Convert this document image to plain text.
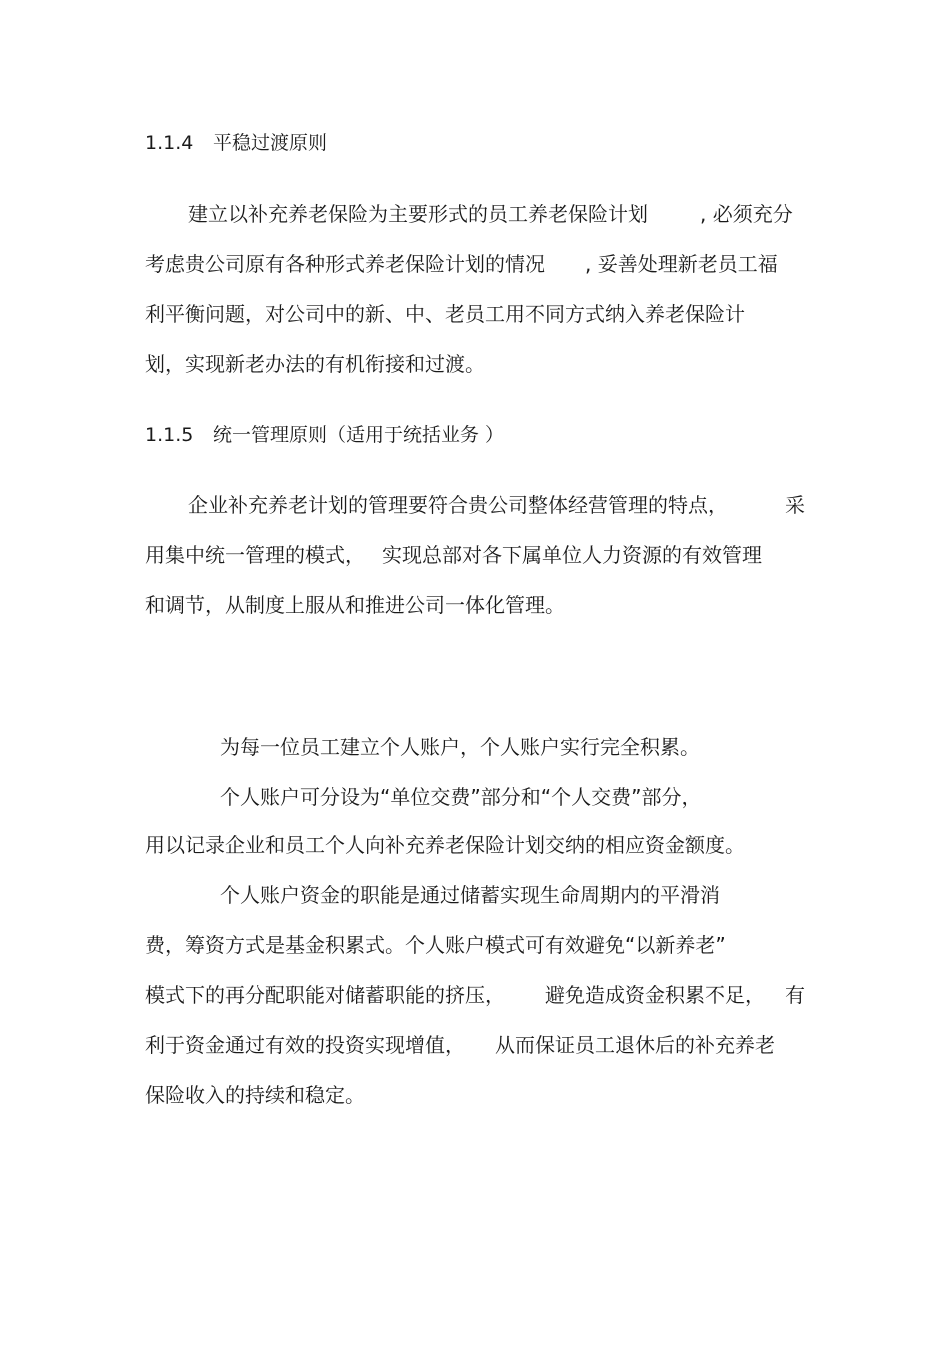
1.1.4 平稳过渡原则
建立以补充养老保险为主要形式的员工养老保险计划	, 必须充分
考虑贵公司原有各种形式养老保险计划的情况 , 妥善处理新老员工福
利平衡问题，对公司中的新、中、老员工用不同方式纳入养老保险计
划，实现新老办法的有机衔接和过渡。
1.1.5 统一管理原则（适用于统括业务 ）
企业补充养老计划的管理要符合贵公司整体经营管理的特点，	采
用集中统一管理的模式， 实现总部对各下属单位人力资源的有效管理
和调节，从制度上服从和推进公司一体化管理。
为每一位员工建立个人账户，个人账户实行完全积累。
个人账户可分设为“单位交费”部分和“个人交费”部分，
用以记录企业和员工个人向补充养老保险计划交纳的相应资金额度。
个人账户资金的职能是通过储蓄实现生命周期内的平滑消
费，筹资方式是基金积累式。个人账户模式可有效避免“以新养老”
模式下的再分配职能对储蓄职能的挤压， 避免造成资金积累不足， 有
利于资金通过有效的投资实现增值， 从而保证员工退休后的补充养老
保险收入的持续和稳定。
